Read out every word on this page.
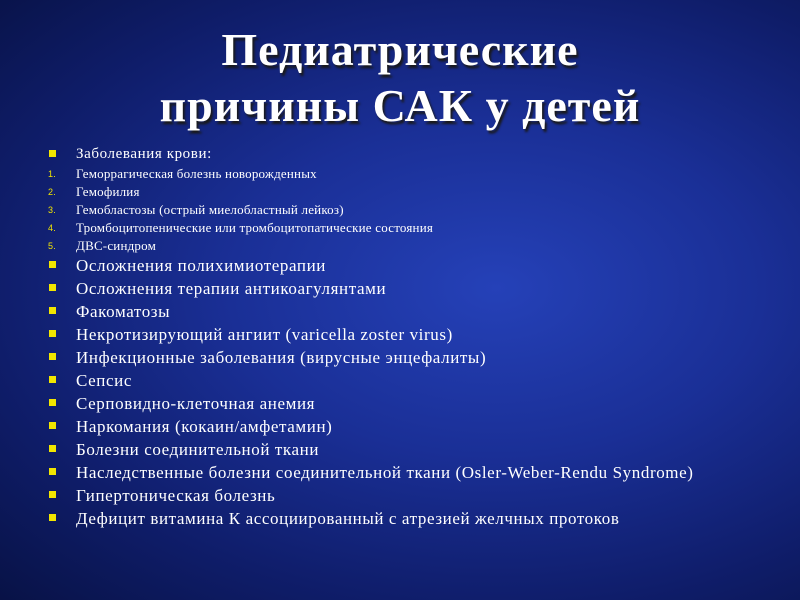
Педиатрические
причины САК у детей
Заболевания крови:
1. Геморрагическая болезнь новорожденных
2. Гемофилия
3. Гемобластозы (острый миелобластный лейкоз)
4. Тромбоцитопенические или тромбоцитопатические состояния
5. ДВС-синдром
Осложнения полихимиотерапии
Осложнения терапии антикоагулянтами
Факоматозы
Некротизирующий ангиит (varicella zoster virus)
Инфекционные заболевания (вирусные энцефалиты)
Сепсис
Серповидно-клеточная анемия
Наркомания (кокаин/амфетамин)
Болезни соединительной ткани
Наследственные болезни соединительной ткани (Osler-Weber-Rendu Syndrome)
Гипертоническая болезнь
Дефицит витамина К ассоциированный с атрезией желчных протоков
